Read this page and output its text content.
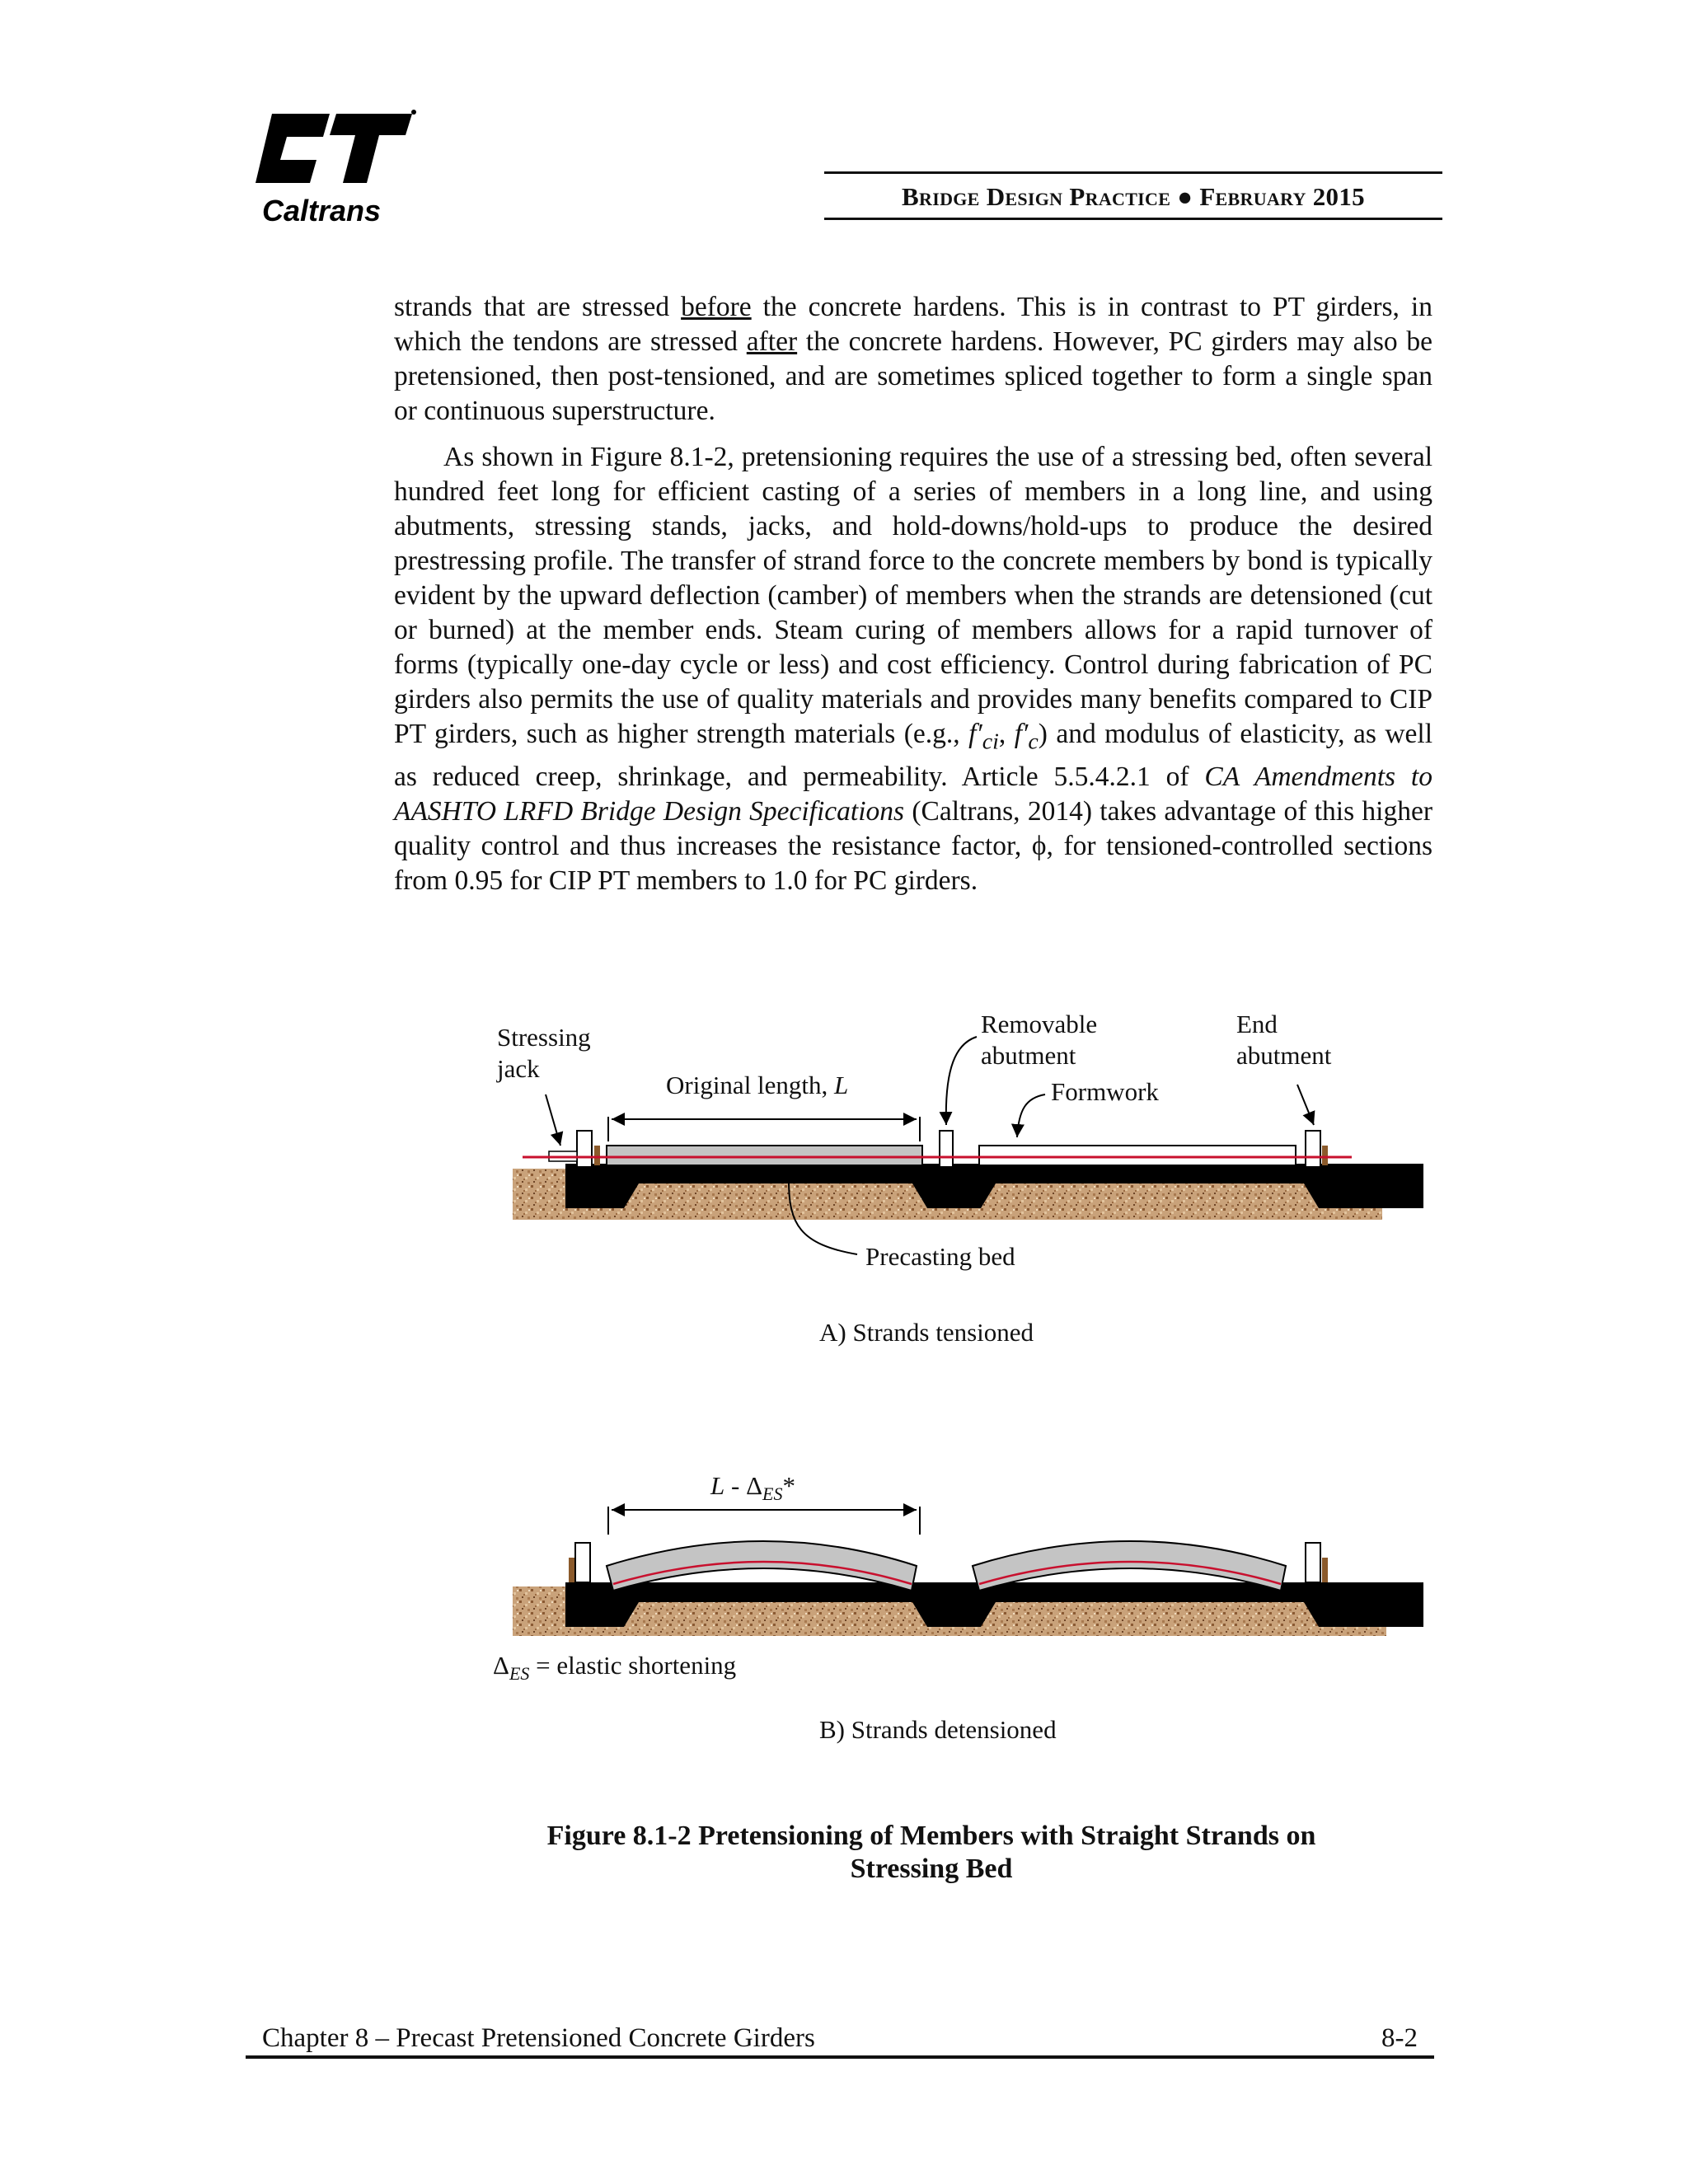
Caltrans	Bridge Design Practice ● February 2015

strands that are stressed before the concrete hardens. This is in contrast to PT girders, in which the tendons are stressed after the concrete hardens. However, PC girders may also be pretensioned, then post-tensioned, and are sometimes spliced together to form a single span or continuous superstructure.

As shown in Figure 8.1-2, pretensioning requires the use of a stressing bed, often several hundred feet long for efficient casting of a series of members in a long line, and using abutments, stressing stands, jacks, and hold-downs/hold-ups to produce the desired prestressing profile. The transfer of strand force to the concrete members by bond is typically evident by the upward deflection (camber) of members when the strands are detensioned (cut or burned) at the member ends. Steam curing of members allows for a rapid turnover of forms (typically one-day cycle or less) and cost efficiency. Control during fabrication of PC girders also permits the use of quality materials and provides many benefits compared to CIP PT girders, such as higher strength materials (e.g., $f'_{ci}$, $f'_c$) and modulus of elasticity, as well as reduced creep, shrinkage, and permeability. Article 5.5.4.2.1 of CA Amendments to AASHTO LRFD Bridge Design Specifications (Caltrans, 2014) takes advantage of this higher quality control and thus increases the resistance factor, ϕ, for tensioned-controlled sections from 0.95 for CIP PT members to 1.0 for PC girders.

Stressing
jack
Original length, L
Removable
abutment
End
abutment
Formwork
Precasting bed
A) Strands tensioned
L - $\Delta_{ES}*$
$\Delta_{ES}$ = elastic shortening
B) Strands detensioned
Figure 8.1-2 Pretensioning of Members with Straight Strands on
Stressing Bed
Chapter 8 – Precast Pretensioned Concrete Girders	8-2
